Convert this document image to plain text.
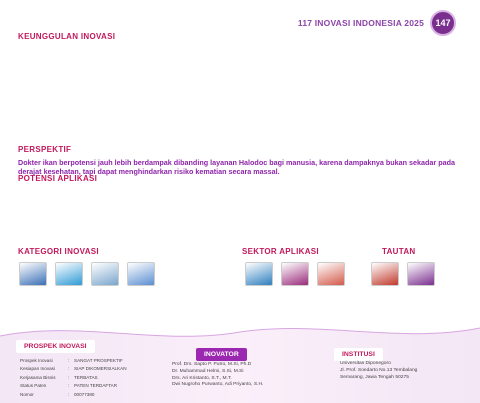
117 INOVASI INDONESIA 2025	147
KEUNGGULAN INOVASI
PERSPEKTIF
Dokter ikan berpotensi jauh lebih berdampak dibanding layanan Halodoc bagi manusia, karena dampaknya bukan sekadar pada derajat kesehatan, tapi dapat menghindarkan risiko kematian secara massal.
POTENSI APLIKASI
KATEGORI INOVASI	SEKTOR APLIKASI	TAUTAN
PROSPEK INOVASI
INOVATOR	INSTITUSI
Prospek Inovasi	:	SANGAT PROSPEKTIF
Kesiapan Inovasi	:	SIAP DIKOMERSIALKAN
Kerjasama Bisnis	:	TERBATAS
Status Paten	:	PATEN TERDAFTAR
Nomor	:	00077380
Prof. Drs. Sapto P. Putro, M.Si, Ph.D
Dr. Muhammad Helmi, S.Si, M.Si
Drs. Ari Kristanto, S.T., M.T.
Dwi Nugroho Purwanto, Adi Priyanto, S.H.
Universitas Diponegoro
Jl. Prof. Soedarto No.13 Tembalang
Semarang, Jawa Tengah 50275
